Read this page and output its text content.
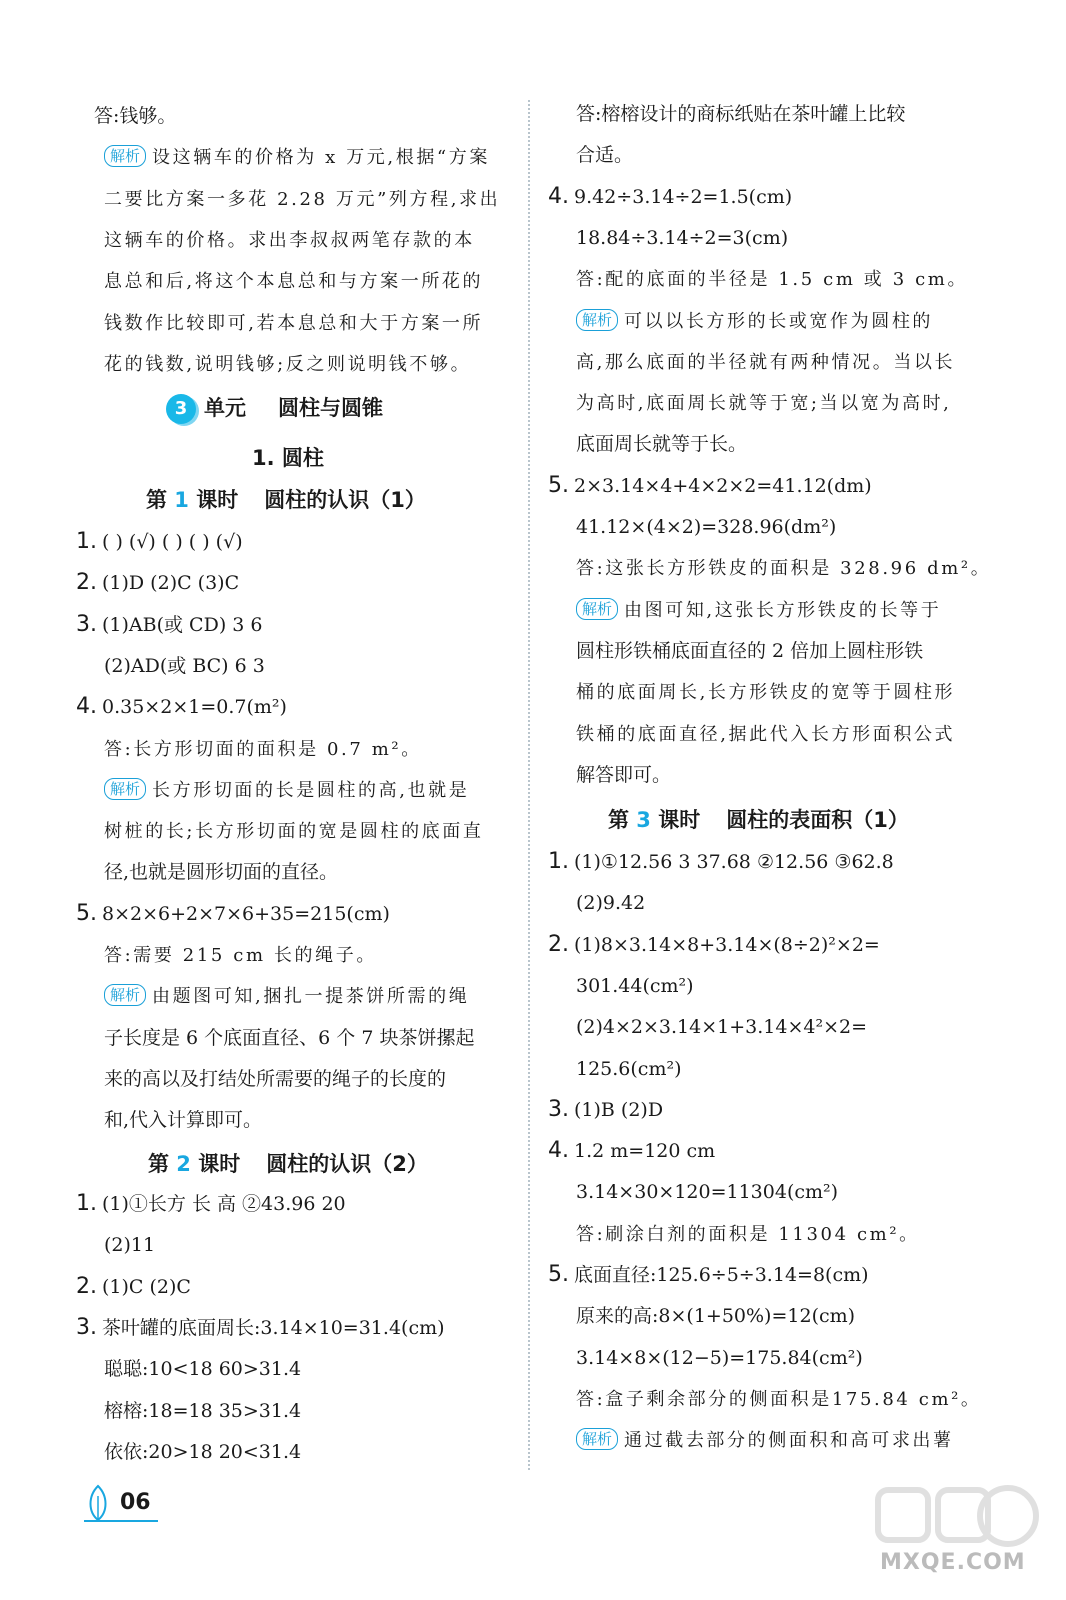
答:钱够。
解析 设这辆车的价格为 x 万元,根据“方案
二要比方案一多花 2.28 万元”列方程,求出
这辆车的价格。求出李叔叔两笔存款的本
息总和后,将这个本息总和与方案一所花的
钱数作比较即可,若本息总和大于方案一所
花的钱数,说明钱够;反之则说明钱不够。
3 单元 圆柱与圆锥
1. 圆柱
第 1 课时 圆柱的认识（1）
1. ( ) (√) ( ) ( ) (√)
2. (1)D (2)C (3)C
3. (1)AB(或 CD) 3 6
(2)AD(或 BC) 6 3
4. 0.35×2×1=0.7(m²)
答:长方形切面的面积是 0.7 m²。
解析 长方形切面的长是圆柱的高,也就是
树桩的长;长方形切面的宽是圆柱的底面直
径,也就是圆形切面的直径。
5. 8×2×6+2×7×6+35=215(cm)
答:需要 215 cm 长的绳子。
解析 由题图可知,捆扎一提茶饼所需的绳
子长度是 6 个底面直径、6 个 7 块茶饼摞起
来的高以及打结处所需要的绳子的长度的
和,代入计算即可。
第 2 课时 圆柱的认识（2）
1. (1)①长方 长 高 ②43.96 20
(2)11
2. (1)C (2)C
3. 茶叶罐的底面周长:3.14×10=31.4(cm)
聪聪:10<18 60>31.4
榕榕:18=18 35>31.4
依依:20>18 20<31.4
答:榕榕设计的商标纸贴在茶叶罐上比较
合适。
4. 9.42÷3.14÷2=1.5(cm)
18.84÷3.14÷2=3(cm)
答:配的底面的半径是 1.5 cm 或 3 cm。
解析 可以以长方形的长或宽作为圆柱的
高,那么底面的半径就有两种情况。当以长
为高时,底面周长就等于宽;当以宽为高时,
底面周长就等于长。
5. 2×3.14×4+4×2×2=41.12(dm)
41.12×(4×2)=328.96(dm²)
答:这张长方形铁皮的面积是 328.96 dm²。
解析 由图可知,这张长方形铁皮的长等于
圆柱形铁桶底面直径的 2 倍加上圆柱形铁
桶的底面周长,长方形铁皮的宽等于圆柱形
铁桶的底面直径,据此代入长方形面积公式
解答即可。
第 3 课时 圆柱的表面积（1）
1. (1)①12.56 3 37.68 ②12.56 ③62.8
(2)9.42
2. (1)8×3.14×8+3.14×(8÷2)²×2=
301.44(cm²)
(2)4×2×3.14×1+3.14×4²×2=
125.6(cm²)
3. (1)B (2)D
4. 1.2 m=120 cm
3.14×30×120=11304(cm²)
答:刷涂白剂的面积是 11304 cm²。
5. 底面直径:125.6÷5÷3.14=8(cm)
原来的高:8×(1+50%)=12(cm)
3.14×8×(12−5)=175.84(cm²)
答:盒子剩余部分的侧面积是175.84 cm²。
解析 通过截去部分的侧面积和高可求出薯
06
MXQE.COM
